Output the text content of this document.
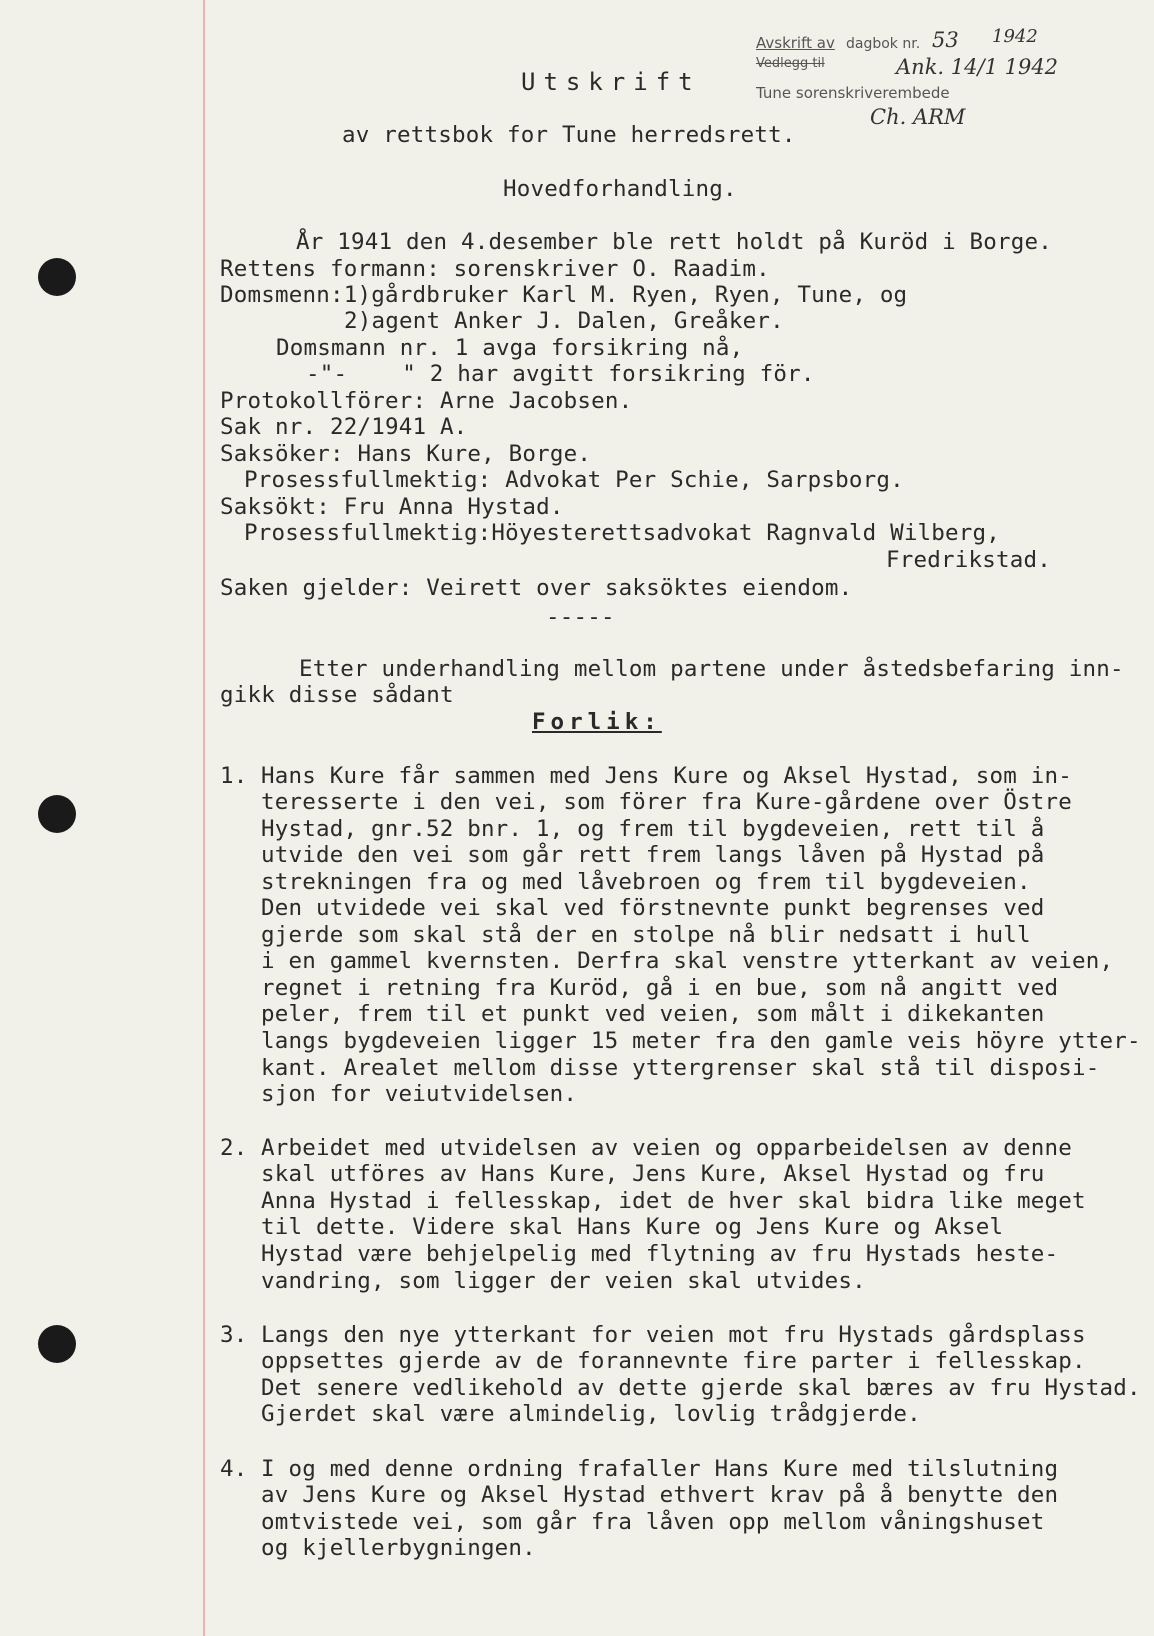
Avskrift av dagbok nr.
Vedlegg til
Tune sorenskriverembede
53 1942
Ank. 14/1 1942
Ch. ARM
Utskrift
av rettsbok for Tune herredsrett.
Hovedforhandling.
År 1941 den 4.desember ble rett holdt på Kuröd i Borge.
Rettens formann: sorenskriver O. Raadim.
Domsmenn:1)gårdbruker Karl M. Ryen, Ryen, Tune, og
2)agent Anker J. Dalen, Greåker.
Domsmann nr. 1 avga forsikring nå,
-"-    " 2 har avgitt forsikring för.
Protokollförer: Arne Jacobsen.
Sak nr. 22/1941 A.
Saksöker: Hans Kure, Borge.
Prosessfullmektig: Advokat Per Schie, Sarpsborg.
Saksökt: Fru Anna Hystad.
Prosessfullmektig:Höyesterettsadvokat Ragnvald Wilberg,
Fredrikstad.
Saken gjelder: Veirett over saksöktes eiendom.
-----
Etter underhandling mellom partene under åstedsbefaring inn-
gikk disse sådant
Forlik:
1. Hans Kure får sammen med Jens Kure og Aksel Hystad, som in-
teresserte i den vei, som förer fra Kure-gårdene over Östre
Hystad, gnr.52 bnr. 1, og frem til bygdeveien, rett til å
utvide den vei som går rett frem langs låven på Hystad på
strekningen fra og med låvebroen og frem til bygdeveien.
Den utvidede vei skal ved förstnevnte punkt begrenses ved
gjerde som skal stå der en stolpe nå blir nedsatt i hull
i en gammel kvernsten. Derfra skal venstre ytterkant av veien,
regnet i retning fra Kuröd, gå i en bue, som nå angitt ved
peler, frem til et punkt ved veien, som målt i dikekanten
langs bygdeveien ligger 15 meter fra den gamle veis höyre ytter-
kant. Arealet mellom disse yttergrenser skal stå til disposi-
sjon for veiutvidelsen.
2. Arbeidet med utvidelsen av veien og opparbeidelsen av denne
skal utföres av Hans Kure, Jens Kure, Aksel Hystad og fru
Anna Hystad i fellesskap, idet de hver skal bidra like meget
til dette. Videre skal Hans Kure og Jens Kure og Aksel
Hystad være behjelpelig med flytning av fru Hystads heste-
vandring, som ligger der veien skal utvides.
3. Langs den nye ytterkant for veien mot fru Hystads gårdsplass
oppsettes gjerde av de forannevnte fire parter i fellesskap.
Det senere vedlikehold av dette gjerde skal bæres av fru Hystad.
Gjerdet skal være almindelig, lovlig trådgjerde.
4. I og med denne ordning frafaller Hans Kure med tilslutning
av Jens Kure og Aksel Hystad ethvert krav på å benytte den
omtvistede vei, som går fra låven opp mellom våningshuset
og kjellerbygningen.
